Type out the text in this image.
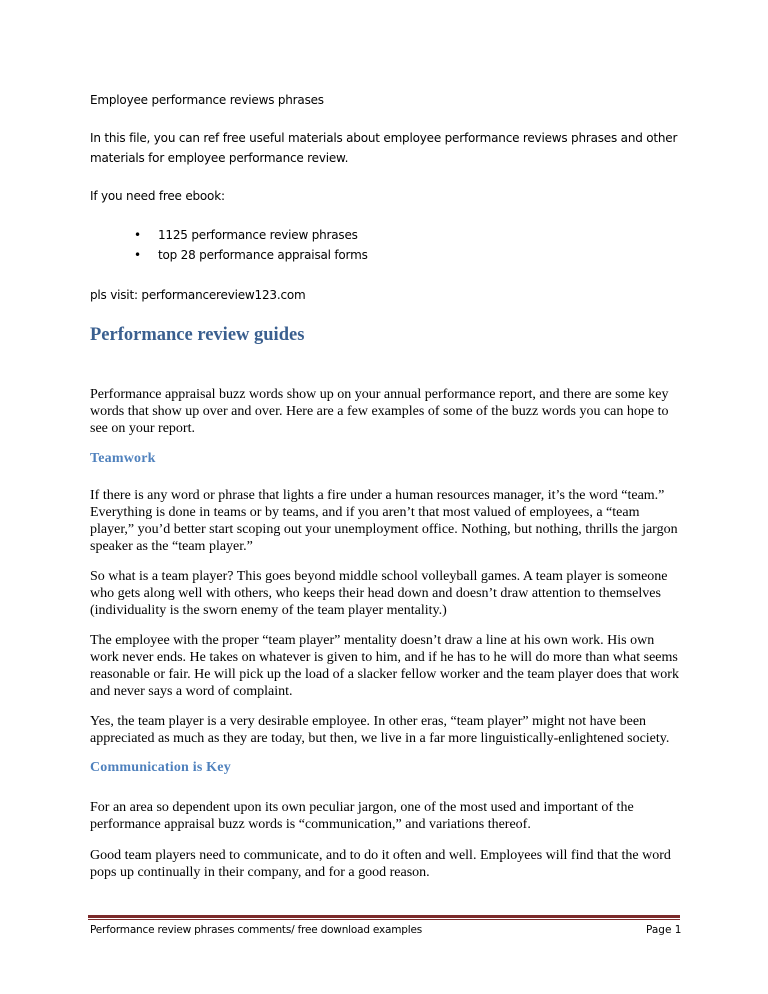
Employee performance reviews phrases
In this file, you can ref free useful materials about employee performance reviews phrases and other
materials for employee performance review.
If you need free ebook:
• 1125 performance review phrases
• top 28 performance appraisal forms
pls visit: performancereview123.com
Performance review guides
Performance appraisal buzz words show up on your annual performance report, and there are some key
words that show up over and over. Here are a few examples of some of the buzz words you can hope to
see on your report.
Teamwork
If there is any word or phrase that lights a fire under a human resources manager, it’s the word “team.”
Everything is done in teams or by teams, and if you aren’t that most valued of employees, a “team
player,” you’d better start scoping out your unemployment office. Nothing, but nothing, thrills the jargon
speaker as the “team player.”
So what is a team player? This goes beyond middle school volleyball games. A team player is someone
who gets along well with others, who keeps their head down and doesn’t draw attention to themselves
(individuality is the sworn enemy of the team player mentality.)
The employee with the proper “team player” mentality doesn’t draw a line at his own work. His own
work never ends. He takes on whatever is given to him, and if he has to he will do more than what seems
reasonable or fair. He will pick up the load of a slacker fellow worker and the team player does that work
and never says a word of complaint.
Yes, the team player is a very desirable employee. In other eras, “team player” might not have been
appreciated as much as they are today, but then, we live in a far more linguistically-enlightened society.
Communication is Key
For an area so dependent upon its own peculiar jargon, one of the most used and important of the
performance appraisal buzz words is “communication,” and variations thereof.
Good team players need to communicate, and to do it often and well. Employees will find that the word
pops up continually in their company, and for a good reason.
Performance review phrases comments/ free download examples	Page 1
